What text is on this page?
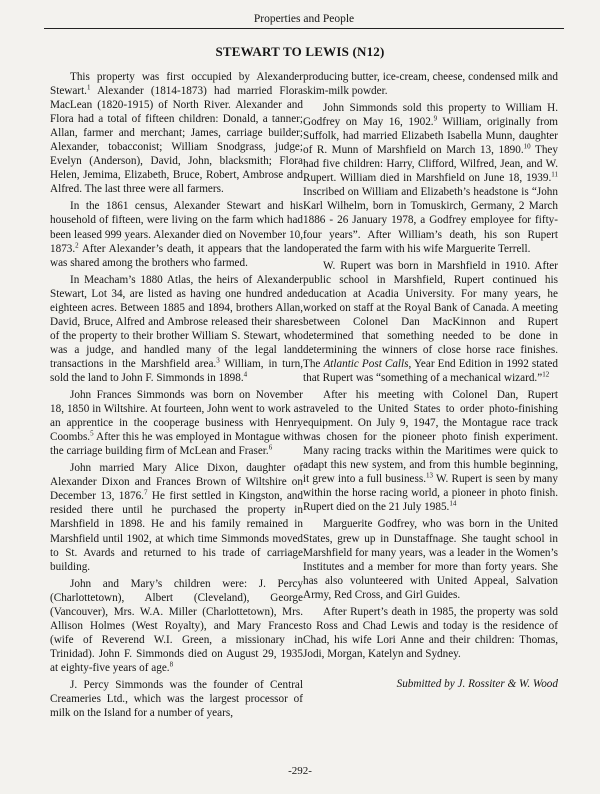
Properties and People
STEWART TO LEWIS (N12)

This property was first occupied by Alexander Stewart.$^1$ Alexander (1814-1873) had married Flora MacLean (1820-1915) of North River. Alexander and Flora had a total of fifteen children: Donald, a tanner; Allan, farmer and merchant; James, carriage builder; Alexander, tobacconist; William Snodgrass, judge; Evelyn (Anderson), David, John, blacksmith; Flora Helen, Jemima, Elizabeth, Bruce, Robert, Ambrose and Alfred. The last three were all farmers.

In the 1861 census, Alexander Stewart and his household of fifteen, were living on the farm which had been leased 999 years. Alexander died on November 10, 1873.$^2$ After Alexander’s death, it appears that the land was shared among the brothers who farmed.

In Meacham’s 1880 Atlas, the heirs of Alexander Stewart, Lot 34, are listed as having one hundred and eighteen acres. Between 1885 and 1894, brothers Allan, David, Bruce, Alfred and Ambrose released their shares of the property to their brother William S. Stewart, who was a judge, and handled many of the legal land transactions in the Marshfield area.$^3$ William, in turn, sold the land to John F. Simmonds in 1898.$^4$

John Frances Simmonds was born on November 18, 1850 in Wiltshire. At fourteen, John went to work as an apprentice in the cooperage business with Henry Coombs.$^5$ After this he was employed in Montague with the carriage building firm of McLean and Fraser.$^6$

John married Mary Alice Dixon, daughter of Alexander Dixon and Frances Brown of Wiltshire on December 13, 1876.$^7$ He first settled in Kingston, and resided there until he purchased the property in Marshfield in 1898. He and his family remained in Marshfield until 1902, at which time Simmonds moved to St. Avards and returned to his trade of carriage building.

John and Mary’s children were: J. Percy (Charlottetown), Albert (Cleveland), George (Vancouver), Mrs. W.A. Miller (Charlottetown), Mrs. Allison Holmes (West Royalty), and Mary Frances (wife of Reverend W.I. Green, a missionary in Trinidad). John F. Simmonds died on August 29, 1935 at eighty-five years of age.$^8$

J. Percy Simmonds was the founder of Central Creameries Ltd., which was the largest processor of milk on the Island for a number of years,

producing butter, ice-cream, cheese, condensed milk and skim-milk powder.

John Simmonds sold this property to William H. Godfrey on May 16, 1902.$^9$ William, originally from Suffolk, had married Elizabeth Isabella Munn, daughter of R. Munn of Marshfield on March 13, 1890.10 They had five children: Harry, Clifford, Wilfred, Jean, and W. Rupert. William died in Marshfield on June 18, 1939.11 Inscribed on William and Elizabeth’s headstone is “John Karl Wilhelm, born in Tomuskirch, Germany, 2 March 1886 - 26 January 1978, a Godfrey employee for fifty-four years”. After William’s death, his son Rupert operated the farm with his wife Marguerite Terrell.

W. Rupert was born in Marshfield in 1910. After public school in Marshfield, Rupert continued his education at Acadia University. For many years, he worked on staff at the Royal Bank of Canada. A meeting between Colonel Dan MacKinnon and Rupert determined that something needed to be done in determining the winners of close horse race finishes. The Atlantic Post Calls, Year End Edition in 1992 stated that Rupert was “something of a mechanical wizard.”$^{12}$

After his meeting with Colonel Dan, Rupert traveled to the United States to order photo-finishing equipment. On July 9, 1947, the Montague race track was chosen for the pioneer photo finish experiment. Many racing tracks within the Maritimes were quick to adapt this new system, and from this humble beginning, it grew into a full business.$^{13}$ W. Rupert is seen by many within the horse racing world, a pioneer in photo finish. Rupert died on the 21 July 1985.14

Marguerite Godfrey, who was born in the United States, grew up in Dunstaffnage. She taught school in Marshfield for many years, was a leader in the Women’s Institutes and a member for more than forty years. She has also volunteered with United Appeal, Salvation Army, Red Cross, and Girl Guides.

After Rupert’s death in 1985, the property was sold to Ross and Chad Lewis and today is the residence of Chad, his wife Lori Anne and their children: Thomas, Jodi, Morgan, Katelyn and Sydney.

Submitted by J. Rossiter & W. Wood

-292-
